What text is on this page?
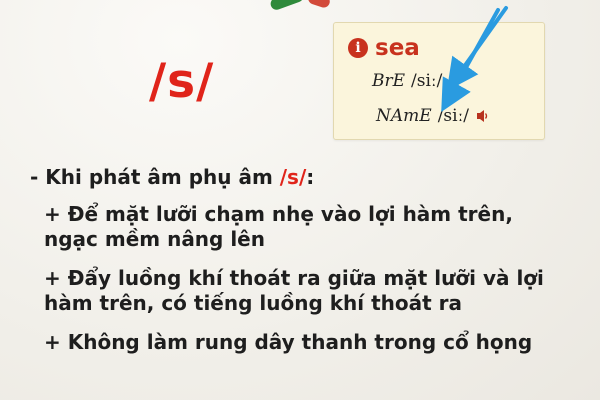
/s/
i sea
BrE /siː/
NAmE /siː/
- Khi phát âm phụ âm /s/:
+ Để mặt lưỡi chạm nhẹ vào lợi hàm trên,
ngạc mềm nâng lên
+ Đẩy luồng khí thoát ra giữa mặt lưỡi và lợi
hàm trên, có tiếng luồng khí thoát ra
+ Không làm rung dây thanh trong cổ họng
